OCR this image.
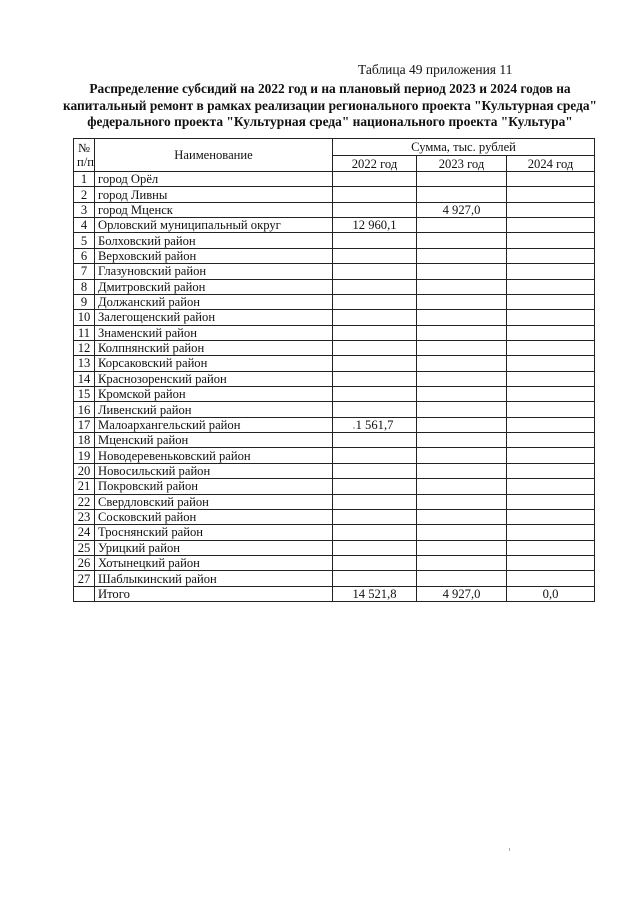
Таблица 49 приложения 11
Распределение субсидий на 2022 год и на плановый период 2023 и 2024 годов на
капитальный ремонт в рамках реализации регионального проекта "Культурная среда"
федерального проекта "Культурная среда" национального проекта "Культура"
№
п/п	Наименование	Сумма, тыс. рублей		
		2022 год	2023 год	2024 год
1	город Орёл			
2	город Ливны			
3	город Мценск		4 927,0	
4	Орловский муниципальный округ	12 960,1		
5	Болховский район			
6	Верховский район			
7	Глазуновский район			
8	Дмитровский район			
9	Должанский район			
10	Залегощенский район			
11	Знаменский район			
12	Колпнянский район			
13	Корсаковский район			
14	Краснозоренский район			
15	Кромской район			
16	Ливенский район			
17	Малоархангельский район	1 561,7		
18	Мценский район			
19	Новодеревеньковский район			
20	Новосильский район			
21	Покровский район			
22	Свердловский район			
23	Сосковский район			
24	Троснянский район			
25	Урицкий район			
26	Хотынецкий район			
27	Шаблыкинский район			
	Итого	14 521,8	4 927,0	0,0
